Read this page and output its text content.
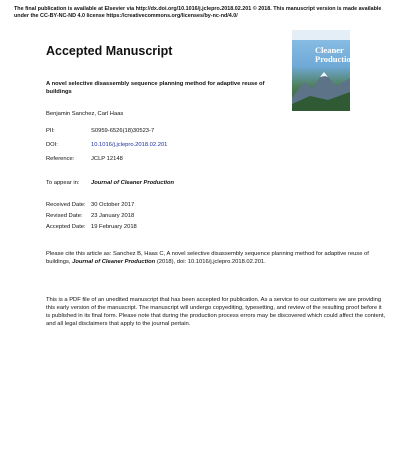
The final publication is available at Elsevier via http://dx.doi.org/10.1016/j.jclepro.2018.02.201 © 2018. This manuscript version is made available under the CC-BY-NC-ND 4.0 license https://creativecommons.org/licenses/by-nc-nd/4.0/
Accepted Manuscript	Cleaner Production
A novel selective disassembly sequence planning method for adaptive reuse of buildings
Benjamin Sanchez, Carl Haas
PII:	S0959-6526(18)30523-7
DOI:	10.1016/j.jclepro.2018.02.201
Reference:	JCLP 12148
To appear in:	Journal of Cleaner Production
Received Date: 30 October 2017
Revised Date:	23 January 2018
Accepted Date: 19 February 2018
Please cite this article as: Sanchez B, Haas C, A novel selective disassembly sequence planning method for adaptive reuse of buildings, Journal of Cleaner Production (2018), doi: 10.1016/j.jclepro.2018.02.201.
This is a PDF file of an unedited manuscript that has been accepted for publication. As a service to our customers we are providing this early version of the manuscript. The manuscript will undergo copyediting, typesetting, and review of the resulting proof before it is published in its final form. Please note that during the production process errors may be discovered which could affect the content, and all legal disclaimers that apply to the journal pertain.
